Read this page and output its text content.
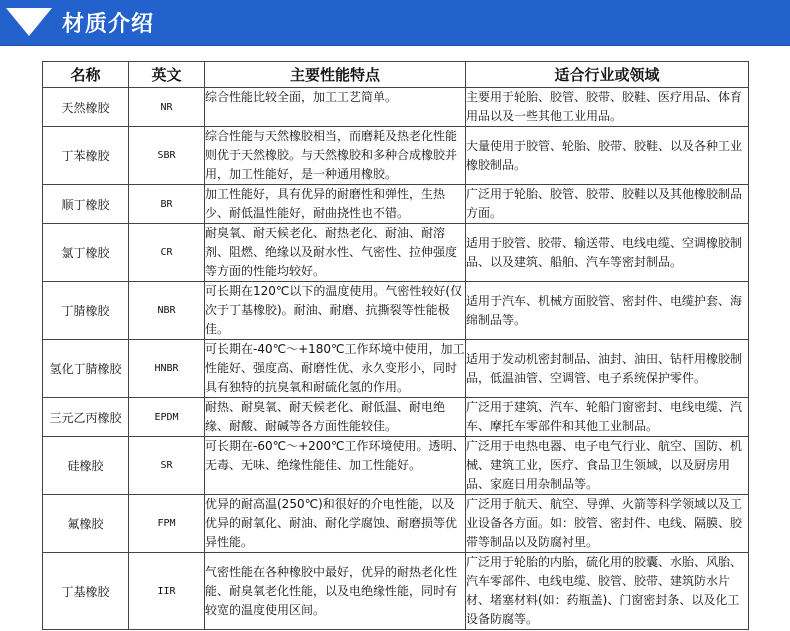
材质介绍
名称	英文	主要性能特点	适合行业或领域
天然橡胶	NR	综合性能比较全面，加工工艺简单。	主要用于轮胎、胶管、胶带、胶鞋、医疗用品、体育用品以及一些其他工业用品。
丁苯橡胶	SBR	综合性能与天然橡胶相当，而磨耗及热老化性能则优于天然橡胶。与天然橡胶和多种合成橡胶并用，加工性能好，是一种通用橡胶。	大量使用于胶管、轮胎、胶带、胶鞋、以及各种工业橡胶制品。
顺丁橡胶	BR	加工性能好，具有优异的耐磨性和弹性，生热少、耐低温性能好，耐曲挠性也不错。	广泛用于轮胎、胶管、胶带、胶鞋以及其他橡胶制品方面。
氯丁橡胶	CR	耐臭氧、耐天候老化、耐热老化、耐油、耐溶剂、阻燃、绝缘以及耐水性、气密性、拉伸强度等方面的性能均较好。	适用于胶管、胶带、输送带、电线电缆、空调橡胶制品、以及建筑、船舶、汽车等密封制品。
丁腈橡胶	NBR	可长期在120℃以下的温度使用。气密性较好(仅次于丁基橡胶)。耐油、耐磨、抗撕裂等性能极佳。	适用于汽车、机械方面胶管、密封件、电缆护套、海绵制品等。
氢化丁腈橡胶	HNBR	可长期在-40℃～+180℃工作环境中使用，加工性能好、强度高、耐磨性优、永久变形小，同时具有独特的抗臭氧和耐硫化氢的作用。	适用于发动机密封制品、油封、油田、钻杆用橡胶制品，低温油管、空调管、电子系统保护零件。
三元乙丙橡胶	EPDM	耐热、耐臭氧、耐天候老化、耐低温、耐电绝缘、耐酸、耐碱等各方面性能较佳。	广泛用于建筑、汽车、轮船门窗密封、电线电缆、汽车、摩托车零部件和其他工业制品。
硅橡胶	SR	可长期在-60℃～+200℃工作环境使用。透明、无毒、无味、绝缘性能佳、加工性能好。	广泛用于电热电器、电子电气行业、航空、国防、机械、建筑工业，医疗、食品卫生领域，以及厨房用品、家庭日用杂制品等。
氟橡胶	FPM	优异的耐高温(250℃)和很好的介电性能，以及优异的耐氧化、耐油、耐化学腐蚀、耐磨损等优异性能。	广泛用于航天、航空、导弹、火箭等科学领域以及工业设备各方面。如：胶管、密封件、电线、隔膜、胶带等制品以及防腐衬里。
丁基橡胶	IIR	气密性能在各种橡胶中最好，优异的耐热老化性能、耐臭氧老化性能，以及电绝缘性能，同时有较宽的温度使用区间。	广泛用于轮胎的内胎，硫化用的胶囊、水胎、风胎、汽车零部件、电线电缆、胶管、胶带、建筑防水片材、堵塞材料(如：药瓶盖)、门窗密封条、以及化工设备防腐等。
